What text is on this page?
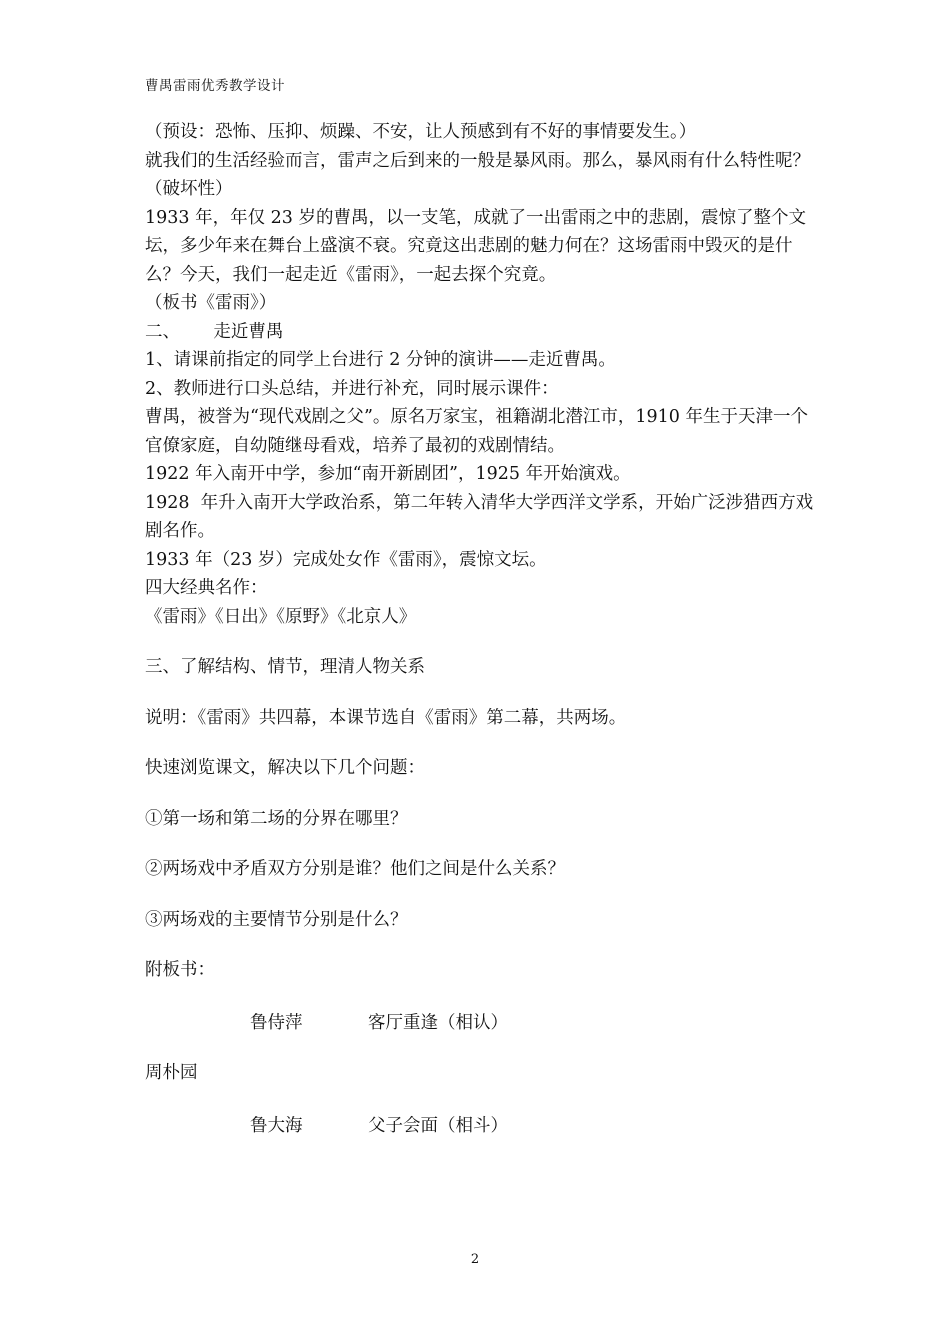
曹禺雷雨优秀教学设计

（预设：恐怖、压抑、烦躁、不安，让人预感到有不好的事情要发生。）

就我们的生活经验而言，雷声之后到来的一般是暴风雨。那么，暴风雨有什么特性呢？

（破坏性）

1933 年，年仅 23 岁的曹禺，以一支笔，成就了一出雷雨之中的悲剧，震惊了整个文坛，多少年来在舞台上盛演不衰。究竟这出悲剧的魅力何在？这场雷雨中毁灭的是什么？今天，我们一起走近《雷雨》，一起去探个究竟。

（板书《雷雨》）

二、      走近曹禺

1、请课前指定的同学上台进行 2 分钟的演讲——走近曹禺。

2、教师进行口头总结，并进行补充，同时展示课件：

曹禺，被誉为“现代戏剧之父”。原名万家宝，祖籍湖北潜江市，1910 年生于天津一个官僚家庭，自幼随继母看戏，培养了最初的戏剧情结。

1922 年入南开中学，参加“南开新剧团”，1925 年开始演戏。

1928  年升入南开大学政治系，第二年转入清华大学西洋文学系，开始广泛涉猎西方戏剧名作。

1933 年（23 岁）完成处女作《雷雨》，震惊文坛。

四大经典名作：

《雷雨》《日出》《原野》《北京人》

三、了解结构、情节，理清人物关系

说明：《雷雨》共四幕，本课节选自《雷雨》第二幕，共两场。

快速浏览课文，解决以下几个问题：

①第一场和第二场的分界在哪里？

②两场戏中矛盾双方分别是谁？他们之间是什么关系？

③两场戏的主要情节分别是什么？

附板书：

鲁侍萍	客厅重逢（相认）

周朴园

鲁大海	父子会面（相斗）
2
